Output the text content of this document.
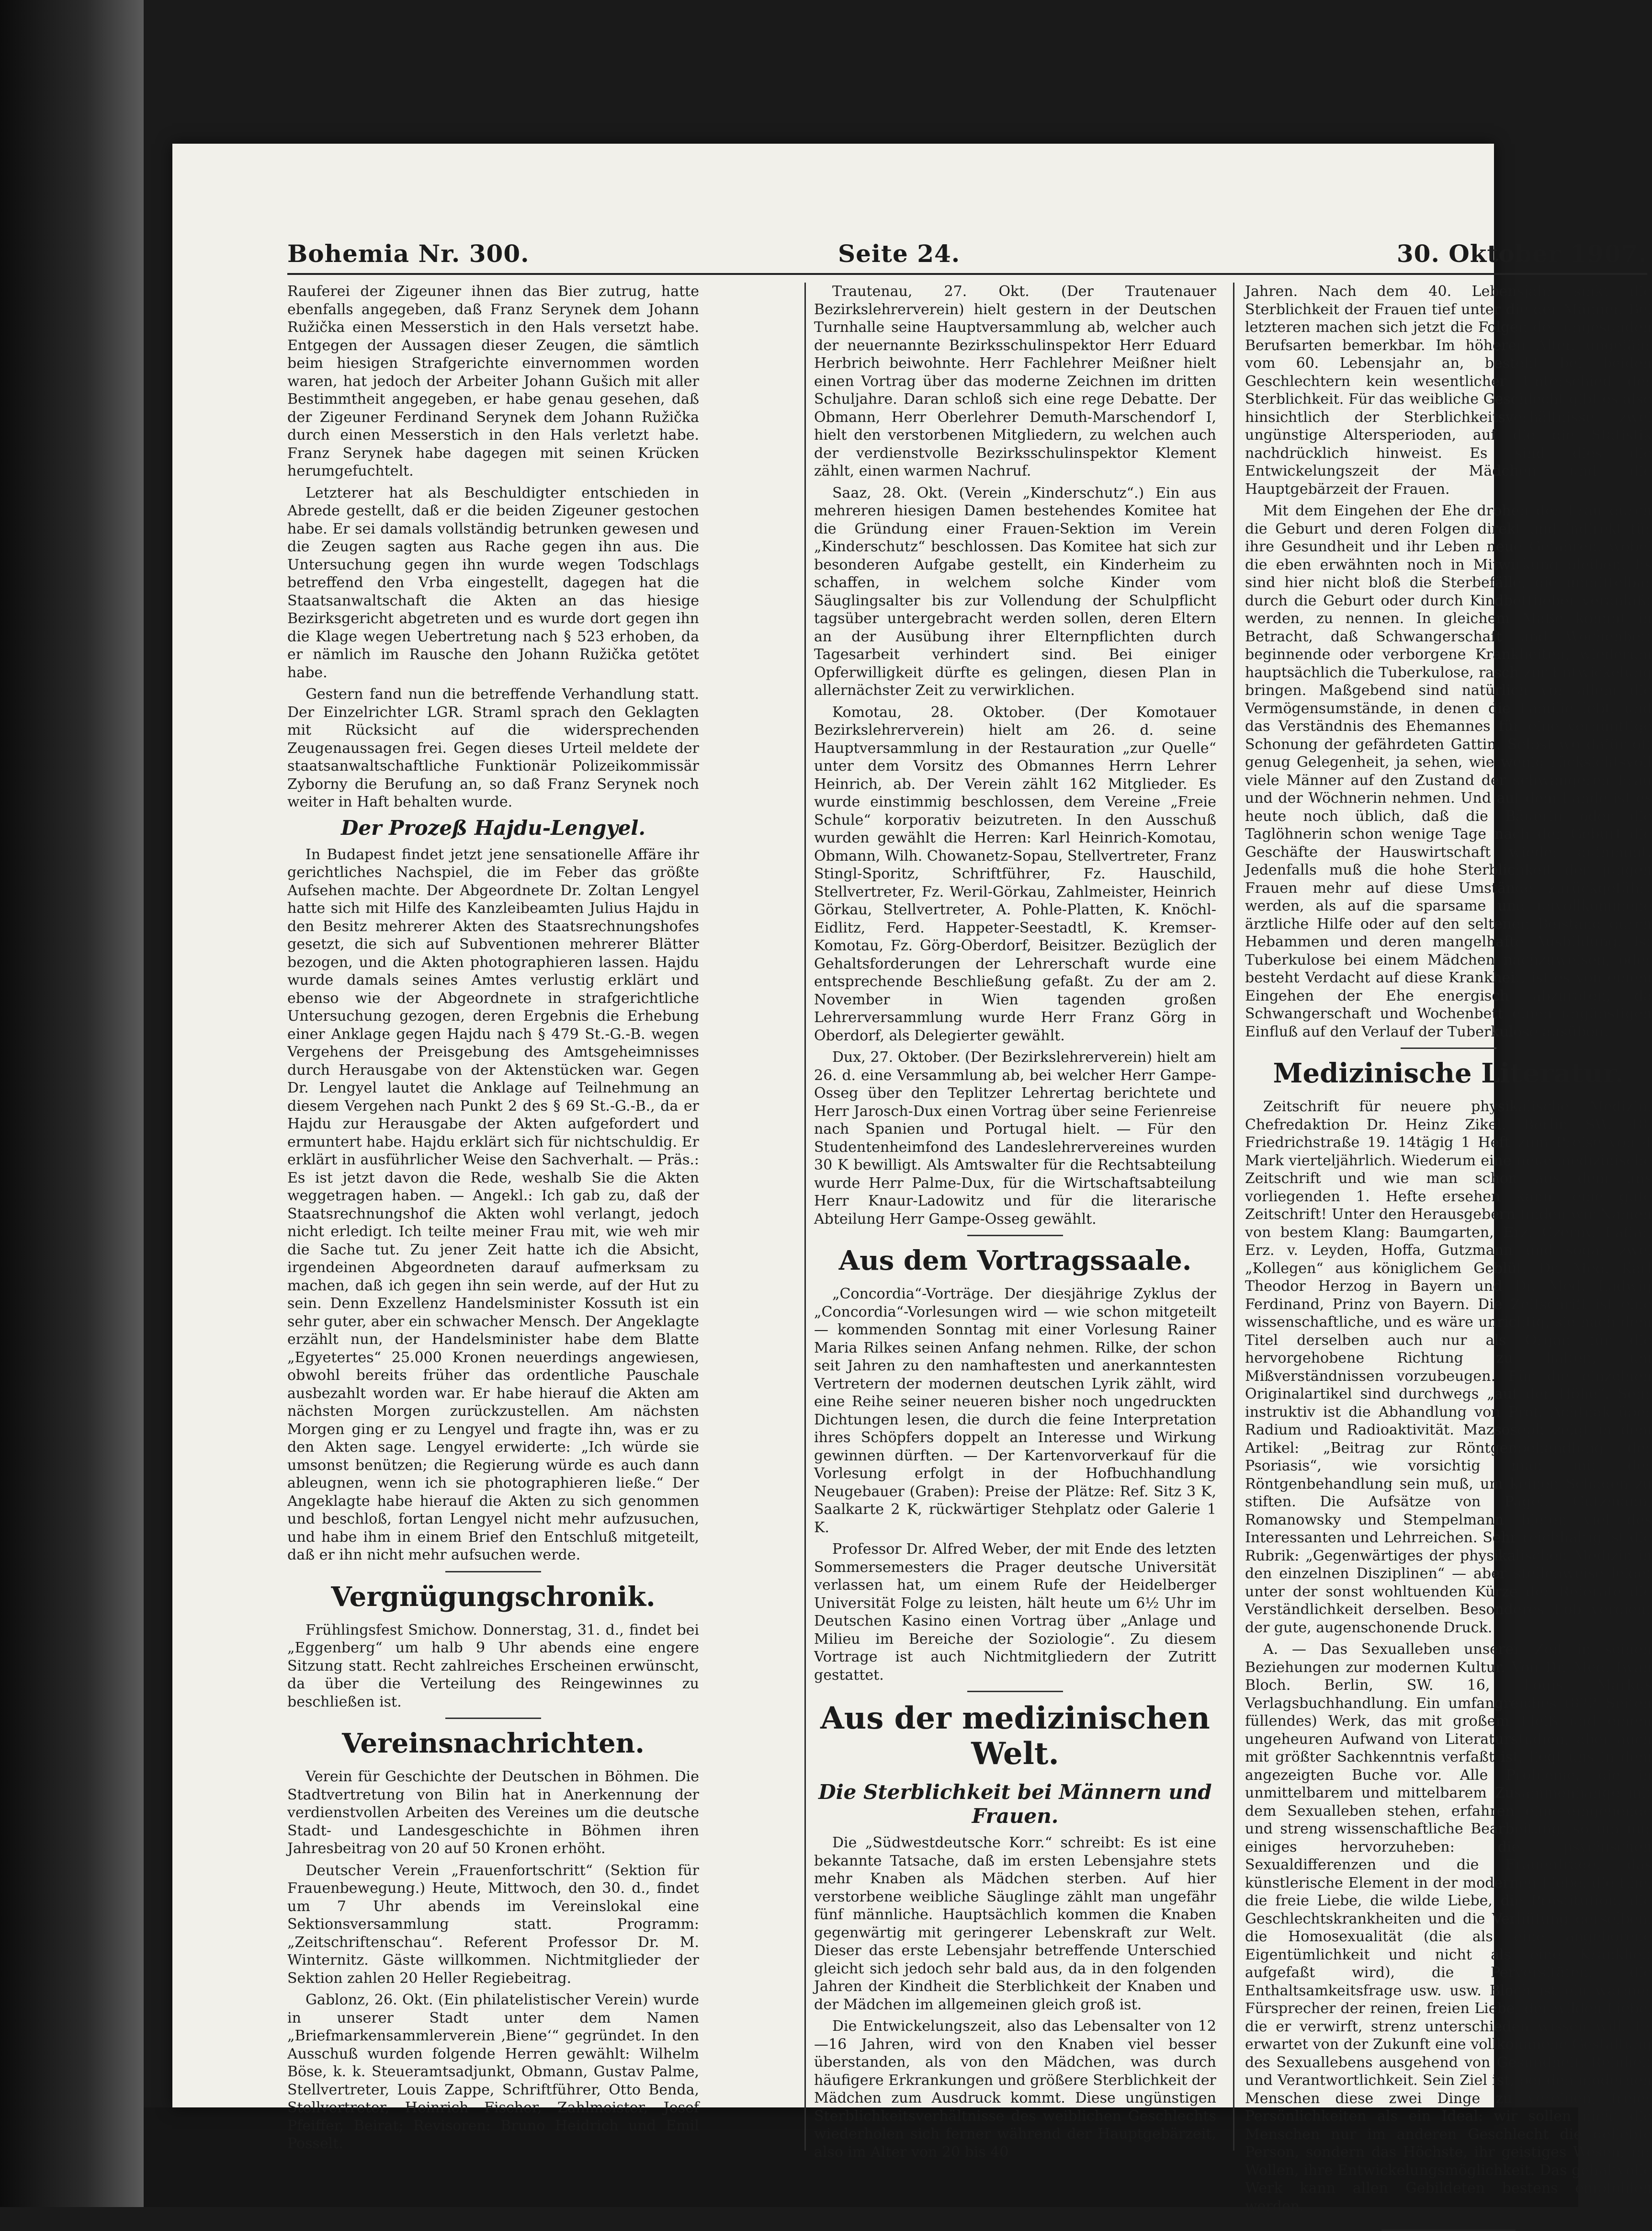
Bohemia Nr. 300.	Seite 24.	30. Oktober 1907.

Rauferei der Zigeuner ihnen das Bier zutrug, hatte ebenfalls angegeben, daß Franz Serynek dem Johann Ružička einen Messerstich in den Hals versetzt habe. Entgegen der Aussagen dieser Zeugen, die sämtlich beim hiesigen Strafgerichte einvernommen worden waren, hat jedoch der Arbeiter Johann Gušich mit aller Bestimmtheit angegeben, er habe genau gesehen, daß der Zigeuner Ferdinand Serynek dem Johann Ružička durch einen Messerstich in den Hals verletzt habe. Franz Serynek habe dagegen mit seinen Krücken herumgefuchtelt.

Letzterer hat als Beschuldigter entschieden in Abrede gestellt, daß er die beiden Zigeuner gestochen habe. Er sei damals vollständig betrunken gewesen und die Zeugen sagten aus Rache gegen ihn aus. Die Untersuchung gegen ihn wurde wegen Todschlags betreffend den Vrba eingestellt, dagegen hat die Staatsanwaltschaft die Akten an das hiesige Bezirksgericht abgetreten und es wurde dort gegen ihn die Klage wegen Uebertretung nach § 523 erhoben, da er nämlich im Rausche den Johann Ružička getötet habe.

Gestern fand nun die betreffende Verhandlung statt. Der Einzelrichter LGR. Straml sprach den Geklagten mit Rücksicht auf die widersprechenden Zeugenaussagen frei. Gegen dieses Urteil meldete der staatsanwaltschaftliche Funktionär Polizeikommissär Zyborny die Berufung an, so daß Franz Serynek noch weiter in Haft behalten wurde.

Der Prozeß Hajdu-Lengyel.

In Budapest findet jetzt jene sensationelle Affäre ihr gerichtliches Nachspiel, die im Feber das größte Aufsehen machte. Der Abgeordnete Dr. Zoltan Lengyel hatte sich mit Hilfe des Kanzleibeamten Julius Hajdu in den Besitz mehrerer Akten des Staatsrechnungshofes gesetzt, die sich auf Subventionen mehrerer Blätter bezogen, und die Akten photographieren lassen. Hajdu wurde damals seines Amtes verlustig erklärt und ebenso wie der Abgeordnete in strafgerichtliche Untersuchung gezogen, deren Ergebnis die Erhebung einer Anklage gegen Hajdu nach § 479 St.-G.-B. wegen Vergehens der Preisgebung des Amtsgeheimnisses durch Herausgabe von der Aktenstücken war. Gegen Dr. Lengyel lautet die Anklage auf Teilnehmung an diesem Vergehen nach Punkt 2 des § 69 St.-G.-B., da er Hajdu zur Herausgabe der Akten aufgefordert und ermuntert habe. Hajdu erklärt sich für nichtschuldig. Er erklärt in ausführlicher Weise den Sachverhalt. — Präs.: Es ist jetzt davon die Rede, weshalb Sie die Akten weggetragen haben. — Angekl.: Ich gab zu, daß der Staatsrechnungshof die Akten wohl verlangt, jedoch nicht erledigt. Ich teilte meiner Frau mit, wie weh mir die Sache tut. Zu jener Zeit hatte ich die Absicht, irgendeinen Abgeordneten darauf aufmerksam zu machen, daß ich gegen ihn sein werde, auf der Hut zu sein. Denn Exzellenz Handelsminister Kossuth ist ein sehr guter, aber ein schwacher Mensch. Der Angeklagte erzählt nun, der Handelsminister habe dem Blatte „Egyetertes“ 25.000 Kronen neuerdings angewiesen, obwohl bereits früher das ordentliche Pauschale ausbezahlt worden war. Er habe hierauf die Akten am nächsten Morgen zurückzustellen. Am nächsten Morgen ging er zu Lengyel und fragte ihn, was er zu den Akten sage. Lengyel erwiderte: „Ich würde sie umsonst benützen; die Regierung würde es auch dann ableugnen, wenn ich sie photographieren ließe.“ Der Angeklagte habe hierauf die Akten zu sich genommen und beschloß, fortan Lengyel nicht mehr aufzusuchen, und habe ihm in einem Brief den Entschluß mitgeteilt, daß er ihn nicht mehr aufsuchen werde.

Vergnügungschronik.

Frühlingsfest Smichow. Donnerstag, 31. d., findet bei „Eggenberg“ um halb 9 Uhr abends eine engere Sitzung statt. Recht zahlreiches Erscheinen erwünscht, da über die Verteilung des Reingewinnes zu beschließen ist.

Vereinsnachrichten.

Verein für Geschichte der Deutschen in Böhmen. Die Stadtvertretung von Bilin hat in Anerkennung der verdienstvollen Arbeiten des Vereines um die deutsche Stadt- und Landesgeschichte in Böhmen ihren Jahresbeitrag von 20 auf 50 Kronen erhöht.

Deutscher Verein „Frauenfortschritt“ (Sektion für Frauenbewegung.) Heute, Mittwoch, den 30. d., findet um 7 Uhr abends im Vereinslokal eine Sektionsversammlung statt. Programm: „Zeitschriftenschau“. Referent Professor Dr. M. Winternitz. Gäste willkommen. Nichtmitglieder der Sektion zahlen 20 Heller Regiebeitrag.

Gablonz, 26. Okt. (Ein philatelistischer Verein) wurde in unserer Stadt unter dem Namen „Briefmarkensammlerverein ‚Biene‘“ gegründet. In den Ausschuß wurden folgende Herren gewählt: Wilhelm Böse, k. k. Steueramtsadjunkt, Obmann, Gustav Palme, Stellvertreter, Louis Zappe, Schriftführer, Otto Benda, Stellvertreter, Heinrich Fischer, Zahlmeister, Josef Pfeiffer, Beirat; Revisoren: Bruno Heidrich und Emil Posselt.

Trautenau, 27. Okt. (Der Trautenauer Bezirkslehrerverein) hielt gestern in der Deutschen Turnhalle seine Hauptversammlung ab, welcher auch der neuernannte Bezirksschulinspektor Herr Eduard Herbrich beiwohnte. Herr Fachlehrer Meißner hielt einen Vortrag über das moderne Zeichnen im dritten Schuljahre. Daran schloß sich eine rege Debatte. Der Obmann, Herr Oberlehrer Demuth-Marschendorf I, hielt den verstorbenen Mitgliedern, zu welchen auch der verdienstvolle Bezirksschulinspektor Klement zählt, einen warmen Nachruf.

Saaz, 28. Okt. (Verein „Kinderschutz“.) Ein aus mehreren hiesigen Damen bestehendes Komitee hat die Gründung einer Frauen-Sektion im Verein „Kinderschutz“ beschlossen. Das Komitee hat sich zur besonderen Aufgabe gestellt, ein Kinderheim zu schaffen, in welchem solche Kinder vom Säuglingsalter bis zur Vollendung der Schulpflicht tagsüber untergebracht werden sollen, deren Eltern an der Ausübung ihrer Elternpflichten durch Tagesarbeit verhindert sind. Bei einiger Opferwilligkeit dürfte es gelingen, diesen Plan in allernächster Zeit zu verwirklichen.

Komotau, 28. Oktober. (Der Komotauer Bezirkslehrerverein) hielt am 26. d. seine Hauptversammlung in der Restauration „zur Quelle“ unter dem Vorsitz des Obmannes Herrn Lehrer Heinrich, ab. Der Verein zählt 162 Mitglieder. Es wurde einstimmig beschlossen, dem Vereine „Freie Schule“ korporativ beizutreten. In den Ausschuß wurden gewählt die Herren: Karl Heinrich-Komotau, Obmann, Wilh. Chowanetz-Sopau, Stellvertreter, Franz Stingl-Sporitz, Schriftführer, Fz. Hauschild, Stellvertreter, Fz. Weril-Görkau, Zahlmeister, Heinrich Görkau, Stellvertreter, A. Pohle-Platten, K. Knöchl-Eidlitz, Ferd. Happeter-Seestadtl, K. Kremser-Komotau, Fz. Görg-Oberdorf, Beisitzer. Bezüglich der Gehaltsforderungen der Lehrerschaft wurde eine entsprechende Beschließung gefaßt. Zu der am 2. November in Wien tagenden großen Lehrerversammlung wurde Herr Franz Görg in Oberdorf, als Delegierter gewählt.

Dux, 27. Oktober. (Der Bezirkslehrerverein) hielt am 26. d. eine Versammlung ab, bei welcher Herr Gampe-Osseg über den Teplitzer Lehrertag berichtete und Herr Jarosch-Dux einen Vortrag über seine Ferienreise nach Spanien und Portugal hielt. — Für den Studentenheimfond des Landeslehrervereines wurden 30 K bewilligt. Als Amtswalter für die Rechtsabteilung wurde Herr Palme-Dux, für die Wirtschaftsabteilung Herr Knaur-Ladowitz und für die literarische Abteilung Herr Gampe-Osseg gewählt.

Aus dem Vortragssaale.

„Concordia“-Vorträge. Der diesjährige Zyklus der „Concordia“-Vorlesungen wird — wie schon mitgeteilt — kommenden Sonntag mit einer Vorlesung Rainer Maria Rilkes seinen Anfang nehmen. Rilke, der schon seit Jahren zu den namhaftesten und anerkanntesten Vertretern der modernen deutschen Lyrik zählt, wird eine Reihe seiner neueren bisher noch ungedruckten Dichtungen lesen, die durch die feine Interpretation ihres Schöpfers doppelt an Interesse und Wirkung gewinnen dürften. — Der Kartenvorverkauf für die Vorlesung erfolgt in der Hofbuchhandlung Neugebauer (Graben): Preise der Plätze: Ref. Sitz 3 K, Saalkarte 2 K, rückwärtiger Stehplatz oder Galerie 1 K.

Professor Dr. Alfred Weber, der mit Ende des letzten Sommersemesters die Prager deutsche Universität verlassen hat, um einem Rufe der Heidelberger Universität Folge zu leisten, hält heute um 6½ Uhr im Deutschen Kasino einen Vortrag über „Anlage und Milieu im Bereiche der Soziologie“. Zu diesem Vortrage ist auch Nichtmitgliedern der Zutritt gestattet.

Aus der medizinischen Welt.
Die Sterblichkeit bei Männern und Frauen.

Die „Südwestdeutsche Korr.“ schreibt: Es ist eine bekannte Tatsache, daß im ersten Lebensjahre stets mehr Knaben als Mädchen sterben. Auf hier verstorbene weibliche Säuglinge zählt man ungefähr fünf männliche. Hauptsächlich kommen die Knaben gegenwärtig mit geringerer Lebenskraft zur Welt. Dieser das erste Lebensjahr betreffende Unterschied gleicht sich jedoch sehr bald aus, da in den folgenden Jahren der Kindheit die Sterblichkeit der Knaben und der Mädchen im allgemeinen gleich groß ist.

Die Entwickelungszeit, also das Lebensalter von 12—16 Jahren, wird von den Knaben viel besser überstanden, als von den Mädchen, was durch häufigere Erkrankungen und größere Sterblichkeit der Mädchen zum Ausdruck kommt. Diese ungünstigen Sterblichkeitsverhältnisse des weiblichen Geschlechts wiederholen sich ferner während der Hauptgebärzeit, also im Alter von 20 bis 40

Jahren. Nach dem 40. Lebensjahr sinkt die Sterblichkeit der Frauen tief unter die der Männer. Bei letzteren machen sich jetzt die Folgen der ungesunden Berufsarten bemerkbar. Im höheren Alter, ungefähr vom 60. Lebensjahr an, besteht bei beiden Geschlechtern kein wesentlicher Unterschied der Sterblichkeit. Für das weibliche Geschlecht gibt es also hinsichtlich der Sterblichkeitsverhältnisse zwei ungünstige Altersperioden, auf die die Statistik nachdrücklich hinweist. Es sind dies die Entwickelungszeit der Mädchen und die Hauptgebärzeit der Frauen.

Mit dem Eingehen der Ehe drohen der Frau durch die Geburt und deren Folgen direkt und indirekt für ihre Gesundheit und ihr Leben neue Gefahren, wobei die eben erwähnten noch in Mitwirkung bleiben. Es sind hier nicht bloß die Sterbefälle, die unmittelbar durch die Geburt oder durch Kindbettfieber veranlaßt werden, zu nennen. In gleichem Maße kommt in Betracht, daß Schwangerschaft und Wochenbett beginnende oder verborgene Krankheiten, wiederum hauptsächlich die Tuberkulose, rasch zur Entwickelung bringen. Maßgebend sind natürlich vor allem die Vermögensumstände, in denen die Familie lebt, und das Verständnis des Ehemannes für eine vernünftige Schonung der gefährdeten Gattin. Selbst wo dafür oft genug Gelegenheit, ja sehen, wie wenig rücksichtsvoll viele Männer auf den Zustand der schwangeren Frau und der Wöchnerin nehmen. Und auf dem Lande ist es heute noch üblich, daß die Bäuerin oder die Taglöhnerin schon wenige Tage nach der Geburt die Geschäfte der Hauswirtschaft wieder aufnimmt. Jedenfalls muß die hohe Sterblichkeit der jungen Frauen mehr auf diese Umstände zurückgeführt werden, als auf die sparsame und unvollkommene ärztliche Hilfe oder auf den seltenen Beistand durch Hebammen und deren mangelhafte Ausbildung. Ist Tuberkulose bei einem Mädchen nachzuweisen, oder besteht Verdacht auf diese Krankheit, ist es von einem Eingehen der Ehe energisch abzuraten, da Schwangerschaft und Wochenbett einen ungünstigen Einfluß auf den Verlauf der Tuberkulose ausüben.

Medizinische Literatur.

Zeitschrift für neuere physikalische Medizin. Chefredaktion Dr. Heinz Zikel. Berlin SW. 48, Friedrichstraße 19. 14tägig 1 Heft zum Preise von 4 Mark vierteljährlich. Wiederum eine neue medizinische Zeitschrift und wie man schon aus dem uns vorliegenden 1. Hefte ersehen kann, eine gute Zeitschrift! Unter den Herausgebern finden wir Namen von bestem Klang: Baumgarten, Erz. Czerny, Laffar, Erz. v. Leyden, Hoffa, Gutzmann und sogar zwei „Kollegen“ aus königlichem Geblüt, Dr. Med. Karl Theodor Herzog in Bayern und Dr. Med. Ludwig Ferdinand, Prinz von Bayern. Die Zeitschrift ist eine wissenschaftliche, und es wäre unrichtig, sie nach dem Titel derselben auch nur als Organ für die hervorgehobene Richtung zu halten, um Mißverständnissen vorzubeugen. Für die einzelnen Originalartikel sind durchwegs „auf der Höhe“. Sehr instruktiv ist die Abhandlung von Prof. Achtnak über Radium und Radioaktivität. Mazsoseph zeigt in dem Artikel: „Beitrag zur Röntgenbehandlung der Psoriasis“, wie vorsichtig man mit der Röntgenbehandlung sein muß, um keinen Schaden zu stiften. Die Aufsätze von Pagel, Gutzmann, Romanowsky und Stempelmann bieten viel des Interessanten und Lehrreichen. Sehr reichhaltig ist die Rubrik: „Gegenwärtiges der physikalischen Medizin in den einzelnen Disziplinen“ — aber stellenweise leidet unter der sonst wohltuenden Kürze der Referate die Verständlichkeit derselben. Besonderes Lob verdient der gute, augenschonende Druck.

A. — Das Sexualleben unserer Zeit in seinen Beziehungen zur modernen Kultur. Von Dr. Med. Iwan Bloch. Berlin, SW. 16, Louis Markus Verlagsbuchhandlung. Ein umfangreiches (822 Seiten füllendes) Werk, das mit großem Fleiß und einem ungeheuren Aufwand von Literaturstudien, aber auch mit größter Sachkenntnis verfaßt ist, liegt uns in dem angezeigten Buche vor. Alle Probleme, die in unmittelbarem und mittelbarem Zusammenhange mit dem Sexualleben stehen, erfahren eine eingehende und streng wissenschaftliche Bearbeitung, so um nur einiges hervorzuheben: die psychischen Sexualdifferenzen und die Frauenfrage, das künstlerische Element in der modernen Liebe, die Ehe, die freie Liebe, die wilde Liebe, die Prostitution, die Geschlechtskrankheiten und die Verhütung derselben, die Homosexualität (die als eine angeborene Eigentümlichkeit und nicht als eine Krankheit aufgefaßt wird), die Perversitäten, die Enthaltsamkeitsfrage usw. usw. Bloch ist ein warmer Fürsprecher der reinen, freien Liebe, der wilden Liebe, die er verwirft, strenz unterschieden wissen will. Er erwartet von der Zukunft eine vollkommene Gestaltung des Sexuallebens ausgehend von Gesundheit, Reinheit und Verantwortlichkeit. Sein Ziel ist, bei den modernen Menschen diese zwei Dinge zu vereinen, freier Persönlichkeiten als ein Ideal: wir sollen nicht die Menschen nur im anderen Geschlecht die geliebte Person, sondern das Höchste, ihr geistiges Wesen, ihr Wollen, ihre Entwickelungsmöglichkeit. Das gehaltvolle Werk kann allen Gebildeten bestens empfohlen werden.
